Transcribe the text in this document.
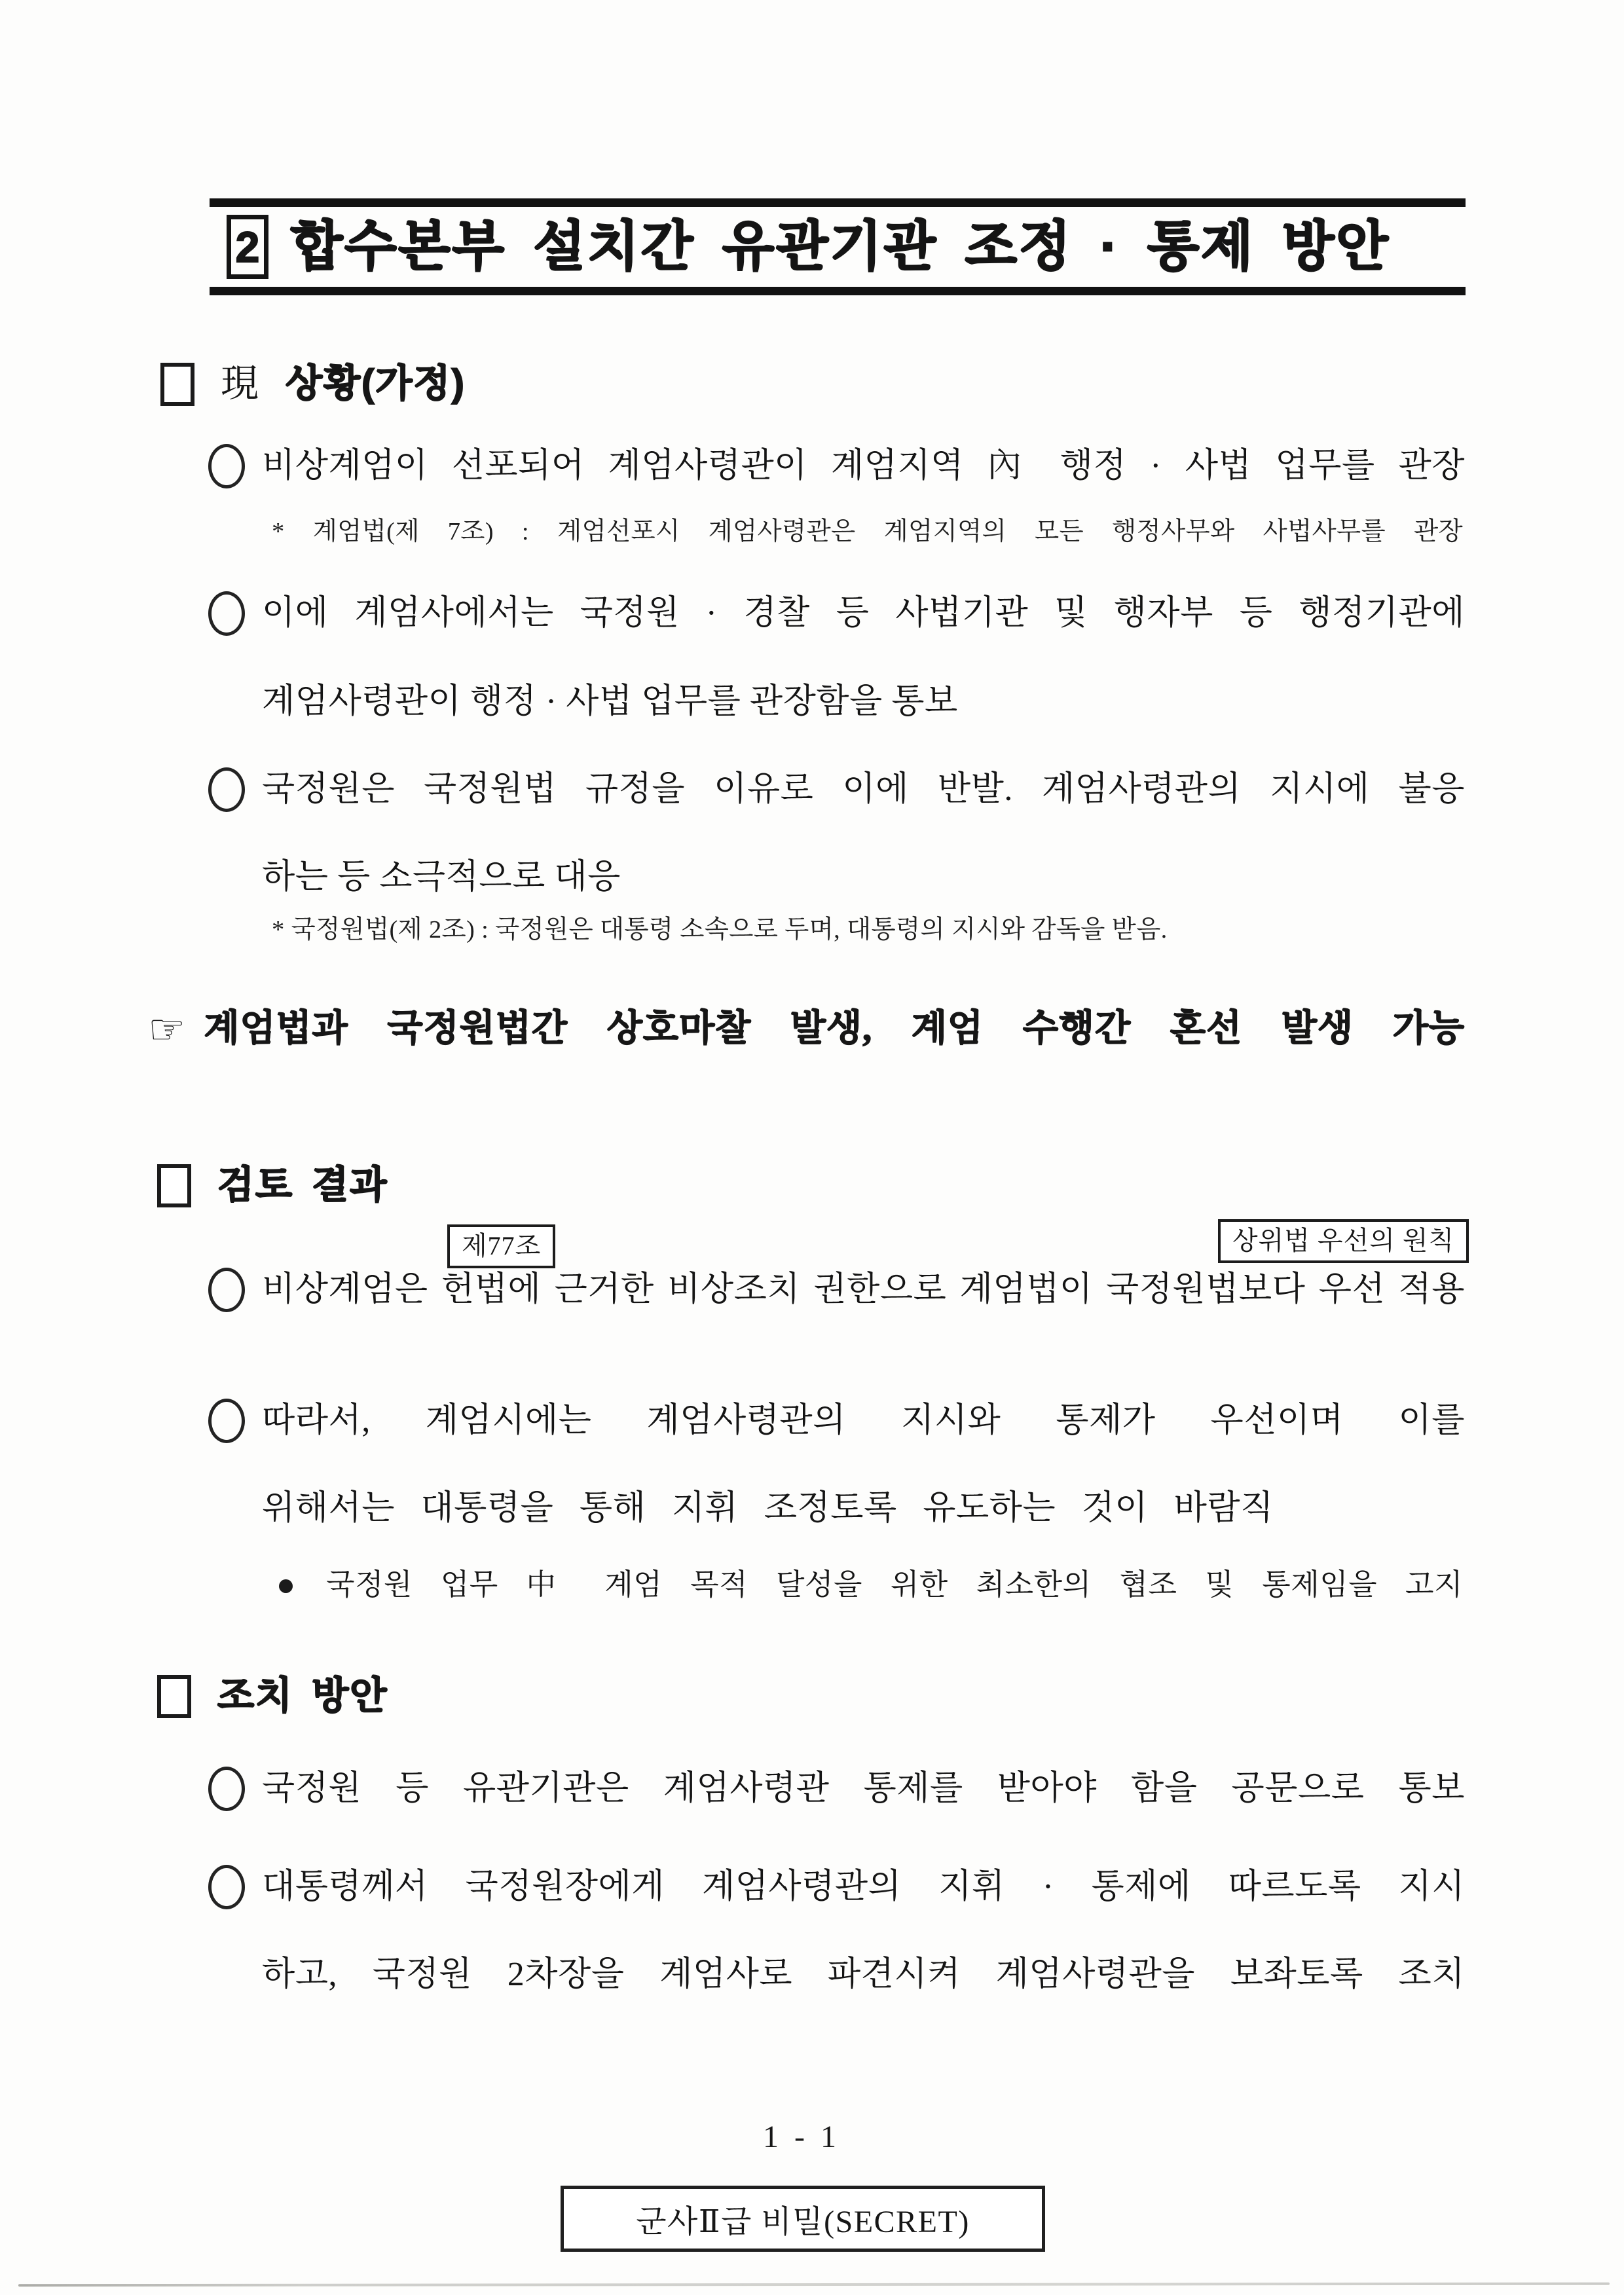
2 합수본부 설치간 유관기관 조정 · 통제 방안
現 상황(가정)
비상계엄이 선포되어 계엄사령관이 계엄지역 內 행정 · 사법 업무를 관장
* 계엄법(제 7조) : 계엄선포시 계엄사령관은 계엄지역의 모든 행정사무와 사법사무를 관장
이에 계엄사에서는 국정원 · 경찰 등 사법기관 및 행자부 등 행정기관에
계엄사령관이 행정 · 사법 업무를 관장함을 통보
국정원은 국정원법 규정을 이유로 이에 반발. 계엄사령관의 지시에 불응
하는 등 소극적으로 대응
* 국정원법(제 2조) : 국정원은 대통령 소속으로 두며, 대통령의 지시와 감독을 받음.
☞ 계엄법과 국정원법간 상호마찰 발생, 계엄 수행간 혼선 발생 가능
검토 결과
제77조	상위법 우선의 원칙
비상계엄은 헌법에 근거한 비상조치 권한으로 계엄법이 국정원법보다 우선 적용
따라서, 계엄시에는 계엄사령관의 지시와 통제가 우선이며 이를
위해서는 대통령을 통해 지휘 조정토록 유도하는 것이 바람직
국정원 업무 中 계엄 목적 달성을 위한 최소한의 협조 및 통제임을 고지
조치 방안
국정원 등 유관기관은 계엄사령관 통제를 받아야 함을 공문으로 통보
대통령께서 국정원장에게 계엄사령관의 지휘 · 통제에 따르도록 지시
하고, 국정원 2차장을 계엄사로 파견시켜 계엄사령관을 보좌토록 조치
1 - 1
군사Ⅱ급 비밀(SECRET)
